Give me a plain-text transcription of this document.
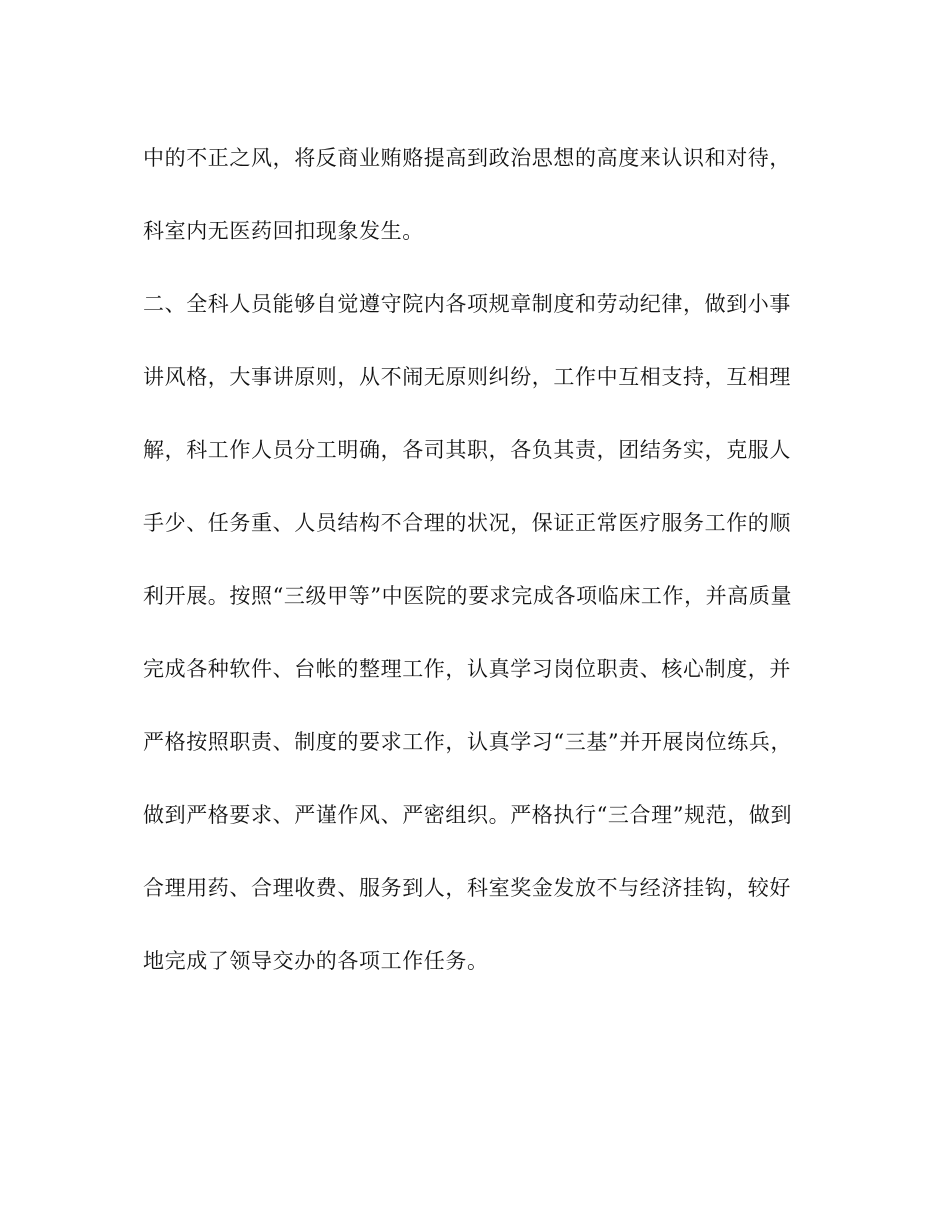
中的不正之风，将反商业贿赂提高到政治思想的高度来认识和对待，
科室内无医药回扣现象发生。
二、全科人员能够自觉遵守院内各项规章制度和劳动纪律，做到小事
讲风格，大事讲原则，从不闹无原则纠纷，工作中互相支持，互相理
解，科工作人员分工明确，各司其职，各负其责，团结务实，克服人
手少、任务重、人员结构不合理的状况，保证正常医疗服务工作的顺
利开展。按照“三级甲等”中医院的要求完成各项临床工作，并高质量
完成各种软件、台帐的整理工作，认真学习岗位职责、核心制度，并
严格按照职责、制度的要求工作，认真学习“三基”并开展岗位练兵，
做到严格要求、严谨作风、严密组织。严格执行“三合理”规范，做到
合理用药、合理收费、服务到人，科室奖金发放不与经济挂钩，较好
地完成了领导交办的各项工作任务。
